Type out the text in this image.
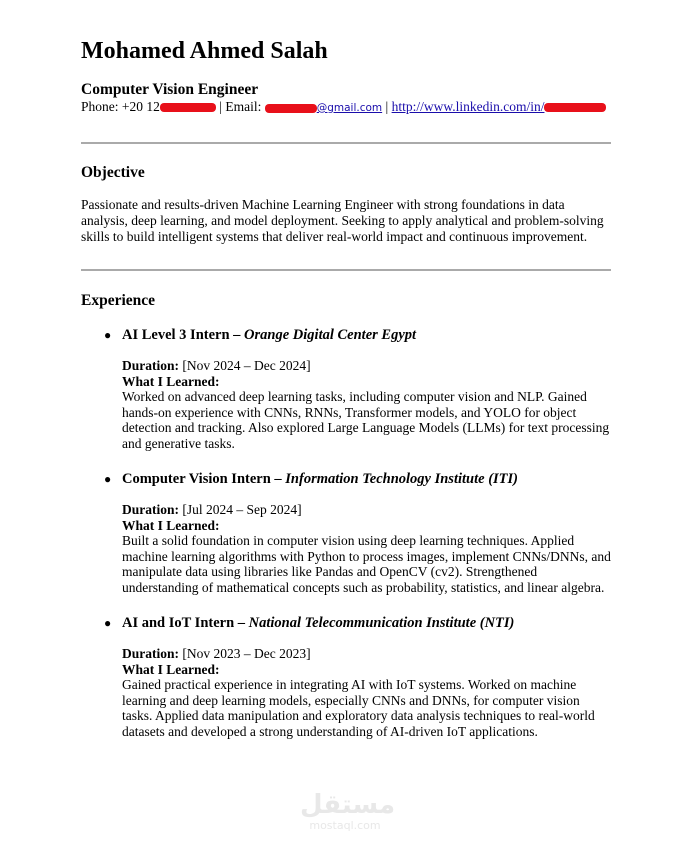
Mohamed Ahmed Salah
Computer Vision Engineer
Phone: +20 12	| Email:	@gmail.com | http://www.linkedin.com/in/
Objective
Passionate and results-driven Machine Learning Engineer with strong foundations in data analysis, deep learning, and model deployment. Seeking to apply analytical and problem-solving skills to build intelligent systems that deliver real-world impact and continuous improvement.
Experience
● AI Level 3 Intern – Orange Digital Center Egypt
Duration: [Nov 2024 – Dec 2024]
What I Learned:
Worked on advanced deep learning tasks, including computer vision and NLP. Gained hands-on experience with CNNs, RNNs, Transformer models, and YOLO for object detection and tracking. Also explored Large Language Models (LLMs) for text processing and generative tasks.
● Computer Vision Intern – Information Technology Institute (ITI)
Duration: [Jul 2024 – Sep 2024]
What I Learned:
Built a solid foundation in computer vision using deep learning techniques. Applied machine learning algorithms with Python to process images, implement CNNs/DNNs, and manipulate data using libraries like Pandas and OpenCV (cv2). Strengthened understanding of mathematical concepts such as probability, statistics, and linear algebra.
● AI and IoT Intern – National Telecommunication Institute (NTI)
Duration: [Nov 2023 – Dec 2023]
What I Learned:
Gained practical experience in integrating AI with IoT systems. Worked on machine learning and deep learning models, especially CNNs and DNNs, for computer vision tasks. Applied data manipulation and exploratory data analysis techniques to real-world datasets and developed a strong understanding of AI-driven IoT applications.
مستقل
mostaql.com
